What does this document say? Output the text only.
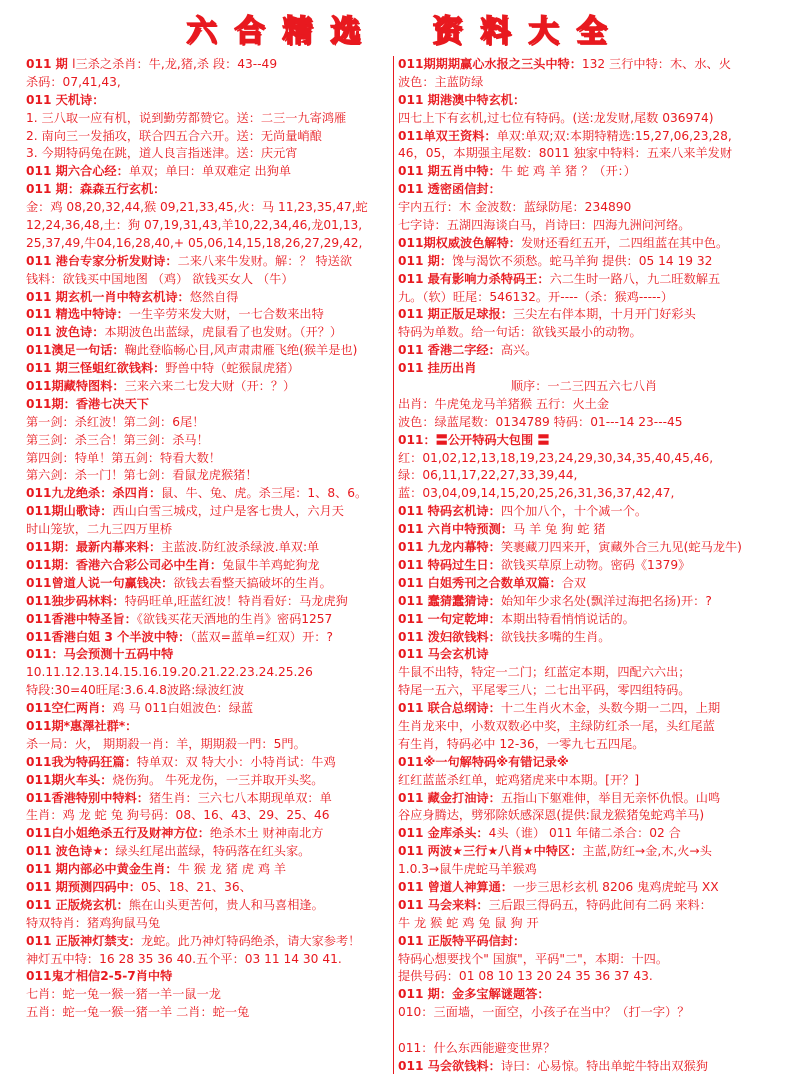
六 合 精 选 资 料 大 全
011 期 l三杀之杀肖：牛,龙,猪,杀 段：43--49
杀码：07,41,43,
011 天机诗：
1. 三八取一应有机，说到勤劳都赞它。送：二三一九寄鸿雁
2. 南向三一发插攻，联合四五合六开。送：无尚量峭酿
3. 今期特码兔在跳，道人良言指迷津。送：庆元宵
011 期六合心经：单双；单曰：单双难定 出狗单
011 期：森森五行玄机：
金：鸡 08,20,32,44,猴 09,21,33,45,火：马 11,23,35,47,蛇
12,24,36,48,土：狗 07,19,31,43,羊10,22,34,46,龙01,13,
25,37,49,牛04,16,28,40,+ 05,06,14,15,18,26,27,29,42,
011 港台专家分析发财诗：二来八来牛发财。解：？ 特送欲
钱料：欲钱买中国地图 （鸡） 欲钱买女人 （牛）
011 期玄机一肖中特玄机诗：悠然自得
011 精选中特诗：一生辛劳来发大财，一七合数来出特
011 波色诗：本期波色出蓝绿，虎鼠看了也发财。（开？）
011澳足一句话：鞠此登临畅心目,风声肃肃雁飞绝(猴羊是也)
011 期三怪蛆红欲钱料：野兽中特（蛇猴鼠虎猪）
011期藏特图料：三来六来二七发大财（开：？）
011期：香港七决天下
第一剑：杀红波！第二剑：6尾！
第三剑：杀三合！第三剑：杀马！
第四剑：特单！第五剑：特看大数！
第六剑：杀一门！第七剑：看鼠龙虎猴猪！
011九龙绝杀：杀四肖：鼠、牛、兔、虎。杀三尾：1、8、6。
011期山歌诗：西山白雪三城戍，过户是客七贵人，六月天
时山笼欤，二九三四万里桥
011期：最新内幕来料：主蓝波.防红波杀绿波.单双:单
011期：香港六合彩公司必中生肖：兔鼠牛羊鸡蛇狗龙
011曾道人说一句赢钱决：欲钱去看整天搞破坏的生肖。
011独步码林料：特码旺单,旺蓝红波！特肖看好：马龙虎狗
011香港中特圣旨：《欲钱买花天酒地的生肖》密码1257
011香港白姐 3 个半波中特：（蓝双=蓝单=红双）开：?
011：马会预测十五码中特
10.11.12.13.14.15.16.19.20.21.22.23.24.25.26
特段:30=40旺尾:3.6.4.8波路:绿波红波
011空仁两肖：鸡 马 011白姐波色：绿蓝
011期*惠澤社群*：
杀一局：火， 期期殺一肖：羊，期期殺一門：5門。
011我为特码狂篇：特单双：双 特大小：小特肖试：牛鸡
011期火车头：烧伤狗。 牛死龙伤，一三并取开头奖。
011香港特别中特料：猪生肖：三六七八本期现单双：单
生肖：鸡 龙 蛇 兔 狗号码：08、16、43、29、25、46
011白小姐绝杀五行及财神方位：绝杀木土 财神南北方
011 波色诗★：绿头红尾出蓝绿，特码落在红头家。
011 期内部必中黄金生肖：牛 猴 龙 猪 虎 鸡 羊
011 期预测四码中：05、18、21、36、
011 正版烧玄机：熊在山头更苦何，贵人和马喜相逢。
特双特肖：猪鸡狗鼠马兔
011 正版神灯禁支：龙蛇。此乃神灯特码绝杀，请大家参考！
神灯五中特：16 28 35 36 40.五个平：03 11 14 30 41.
011鬼才相信2-5-7肖中特
七肖：蛇一兔一猴一猪一羊一鼠一龙
五肖：蛇一兔一猴一猪一羊 二肖：蛇一兔
011期期期赢心水报之三头中特：132 三行中特：木、水、火
波色：主蓝防绿
011 期港澳中特玄机：
四七上下有玄机,过七位有特码。(送:龙发财,尾数 036974)
011单双王资料：单双:单双;双:本期特精选:15,27,06,23,28,
46，05，本期强主尾数：8011 独家中特料：五来八来羊发财
011 期五肖中特：牛 蛇 鸡 羊 猪 ？（开：）
011 透密函信封：
宇内五行：木 金波数：蓝绿防尾：234890
七字诗：五湖四海谈白马，肖诗曰：四海九洲问河络。
011期权威波色解特：发财还看红五开，二四组蓝在其中色。
011 期：馋与渴饮不须愁。蛇马羊狗 提供：05 14 19 32
011 最有影响力杀特码王：六二生时一路八，九二旺数解五
九。（软）旺尾：546132。开----（杀：猴鸡-----）
011 期正版足球报：三尖左右伴本期，十月开门好彩头
特码为单数。给一句话：欲钱买最小的动物。
011 香港二字经：高兴。
011 挂历出肖
顺序：一二三四五六七八肖
出肖：牛虎兔龙马羊猪猴 五行：火土金
波色：绿蓝尾数：0134789 特码：01---14 23---45
011：〓公开特码大包围 〓
红：01,02,12,13,18,19,23,24,29,30,34,35,40,45,46,
绿：06,11,17,22,27,33,39,44,
蓝：03,04,09,14,15,20,25,26,31,36,37,42,47,
011 特码玄机诗：四个加八个，十个减一个。
011 六肖中特预测：马 羊 兔 狗 蛇 猪
011 九龙内幕特：笑裹藏刀四来开，寅藏外合三九见(蛇马龙牛)
011 特码过生日：欲钱买草原上动物。密码《1379》
011 白姐秀刊之合数单双篇：合双
011 蠢猜蠢猜诗：始知年少求名处(飘洋过海把名扬)开：?
011 一句定乾坤：本期出特看悄悄说话的。
011 泼妇欲钱料：欲钱扶多嘴的生肖。
011 马会玄机诗
牛鼠不出特，特定一二门；红蓝定本期，四配六六出；
特尾一五六，平尾零三八；二七出平码，零四组特码。
011 联合总纲诗：十二生肖火木金，头数今期一二四，上期
生肖龙来中，小数双数必中奖，主绿防红杀一尾，头红尾蓝
有生肖，特码必中 12-36，一零九七五四尾。
011※一句解特码※有错记录※
红红蓝蓝杀红单，蛇鸡猪虎来中本期。[开？]
011 藏金打油诗：五指山下躯难伸，举目无亲怀仇恨。山鸣
谷应身腾达，劈邪除妖感深恩(提供:鼠龙猴猪兔蛇鸡羊马)
011 金库杀头：4头（谁） 011 年储二杀合：02 合
011 两波★三行★八肖★中特区：主蓝,防红→金,木,火→头
1.0.3→鼠牛虎蛇马羊猴鸡
011 曾道人神算通：一步三思杉玄机 8206 鬼鸡虎蛇马 XX
011 马会来料：三后跟三得码五，特码此间有二码 来料：
牛 龙 猴 蛇 鸡 兔 鼠 狗 开
011 正版特平码信封：
特码心想要找个" 国旗"，平码"二"，本期：十四。
提供号码：01 08 10 13 20 24 35 36 37 43.
011 期：金多宝解谜题答：
010：三面墙，一面空，小孩子在当中？（打一字）？

011：什么东西能避变世界？
011 马会欲钱料：诗曰：心易惊。特出单蛇牛特出双猴狗
